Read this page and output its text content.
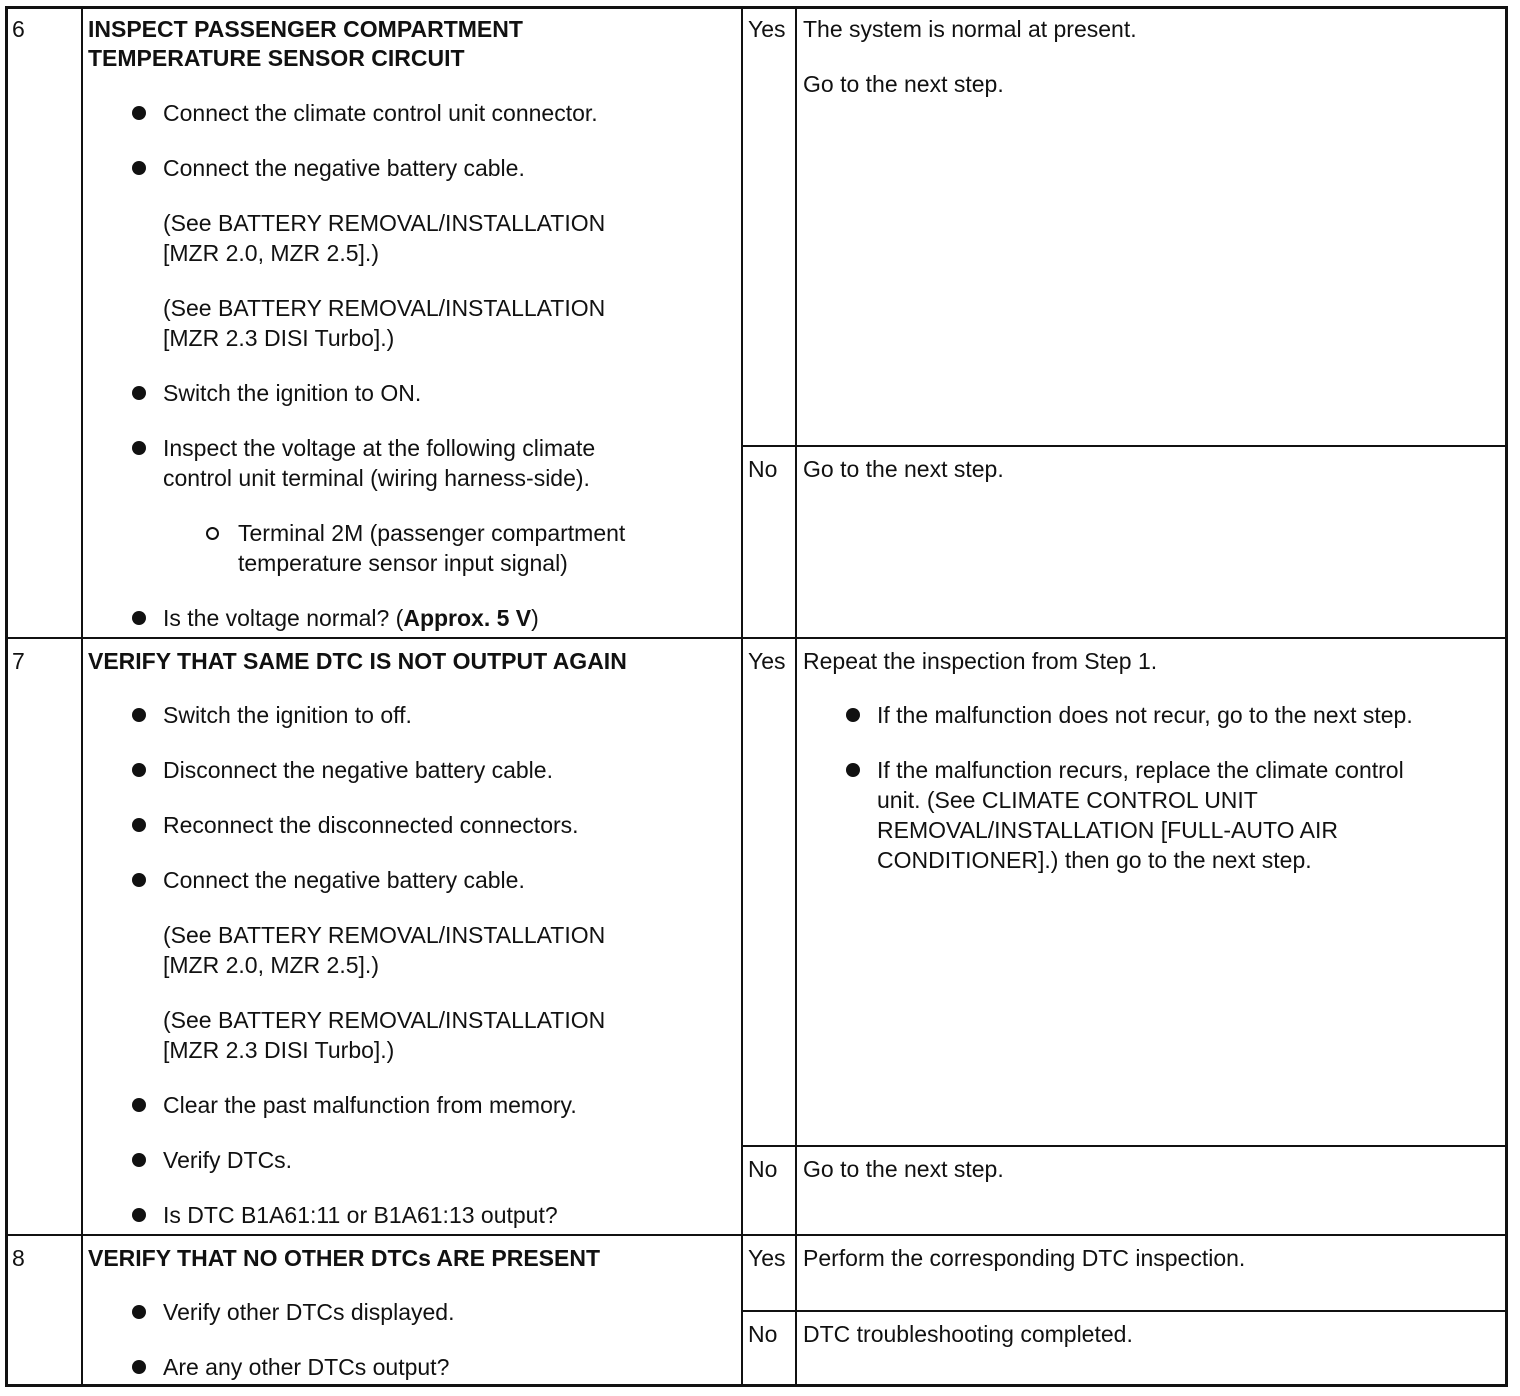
6	INSPECT PASSENGER COMPARTMENT
TEMPERATURE SENSOR CIRCUIT
Connect the climate control unit connector.
Connect the negative battery cable.
(See BATTERY REMOVAL/INSTALLATION
[MZR 2.0, MZR 2.5].)
(See BATTERY REMOVAL/INSTALLATION
[MZR 2.3 DISI Turbo].)
Switch the ignition to ON.
Inspect the voltage at the following climate
control unit terminal (wiring harness-side).
Terminal 2M (passenger compartment
temperature sensor input signal)
Is the voltage normal? (Approx. 5 V)
Yes The system is normal at present.
Go to the next step.
No Go to the next step.
7	VERIFY THAT SAME DTC IS NOT OUTPUT AGAIN
Switch the ignition to off.
Disconnect the negative battery cable.
Reconnect the disconnected connectors.
Connect the negative battery cable.
(See BATTERY REMOVAL/INSTALLATION
[MZR 2.0, MZR 2.5].)
(See BATTERY REMOVAL/INSTALLATION
[MZR 2.3 DISI Turbo].)
Clear the past malfunction from memory.
Verify DTCs.
Is DTC B1A61:11 or B1A61:13 output?
Yes Repeat the inspection from Step 1.
If the malfunction does not recur, go to the next step.
If the malfunction recurs, replace the climate control
unit. (See CLIMATE CONTROL UNIT
REMOVAL/INSTALLATION [FULL-AUTO AIR
CONDITIONER].) then go to the next step.
No Go to the next step.
8	VERIFY THAT NO OTHER DTCs ARE PRESENT
Verify other DTCs displayed.
Are any other DTCs output?
Yes Perform the corresponding DTC inspection.
No DTC troubleshooting completed.
